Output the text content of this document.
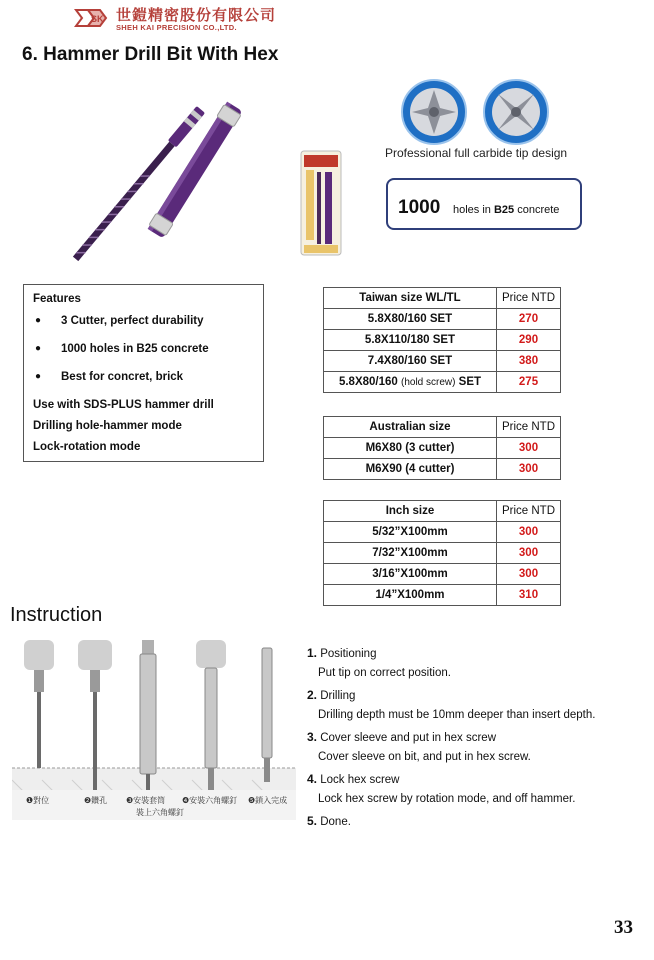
SK 世鎧精密股份有限公司
SHEH KAI PRECISION CO.,LTD.
6. Hammer Drill Bit With Hex
Professional full carbide tip design
1000 holes in B25 concrete
Features
● 3 Cutter, perfect durability
● 1000 holes in B25 concrete
● Best for concret, brick
Use with SDS-PLUS hammer drill
Drilling hole-hammer mode
Lock-rotation mode
Taiwan size WL/TL	Price NTD
5.8X80/160 SET	270
5.8X110/180 SET	290
7.4X80/160 SET	380
5.8X80/160 (hold screw) SET	275
Australian size	Price NTD
M6X80 (3 cutter)	300
M6X90 (4 cutter)	300
Inch size	Price NTD
5/32”X100mm	300
7/32”X100mm	300
3/16”X100mm	300
1/4”X100mm	310
Instruction
❶對位	❷鑽孔 ❸安裝套筒 ❹安裝六角螺釘 ❺鎖入完成
裝上六角螺釘
1. Positioning
Put tip on correct position.
2. Drilling
Drilling depth must be 10mm deeper than insert depth.
3. Cover sleeve and put in hex screw
Cover sleeve on bit, and put in hex screw.
4. Lock hex screw
Lock hex screw by rotation mode, and off hammer.
5. Done.
33
